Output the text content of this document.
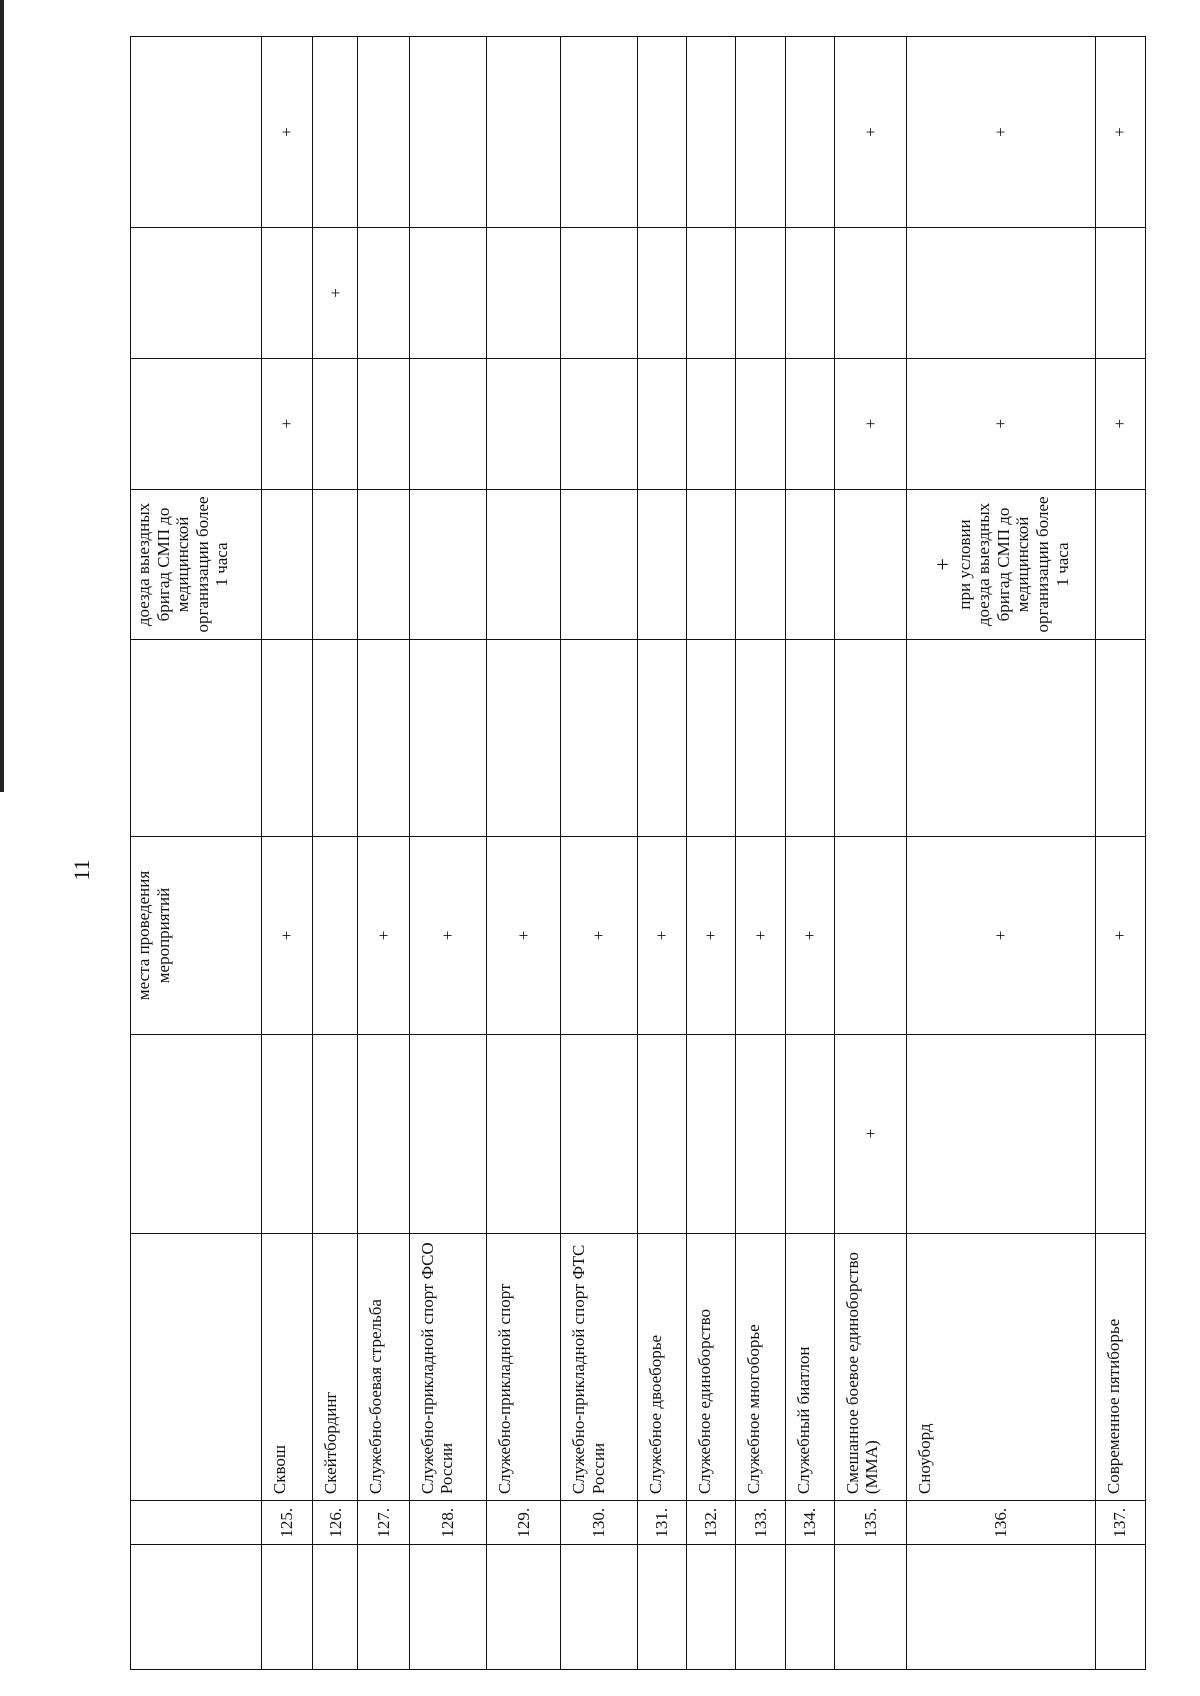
11
				места проведения мероприятий		доезда выездных бригад СМП до медицинской организации более 1 часа			
	125.	Сквош		+			+		+
	126.	Скейтбординг						+	
	127.	Служебно-боевая стрельба		+					
	128.	Служебно-прикладной спорт ФСО России		+					
	129.	Служебно-прикладной спорт		+					
	130.	Служебно-прикладной спорт ФТС России		+					
	131.	Служебное двоеборье		+					
	132.	Служебное единоборство		+					
	133.	Служебное многоборье		+					
	134.	Служебный биатлон		+					
	135.	Смешанное боевое единоборство (ММА)	+				+		+
	136.	Сноуборд		+		+ при условии доезда выездных бригад СМП до медицинской организации более 1 часа	+		+
	137.	Современное пятиборье		+			+		+
